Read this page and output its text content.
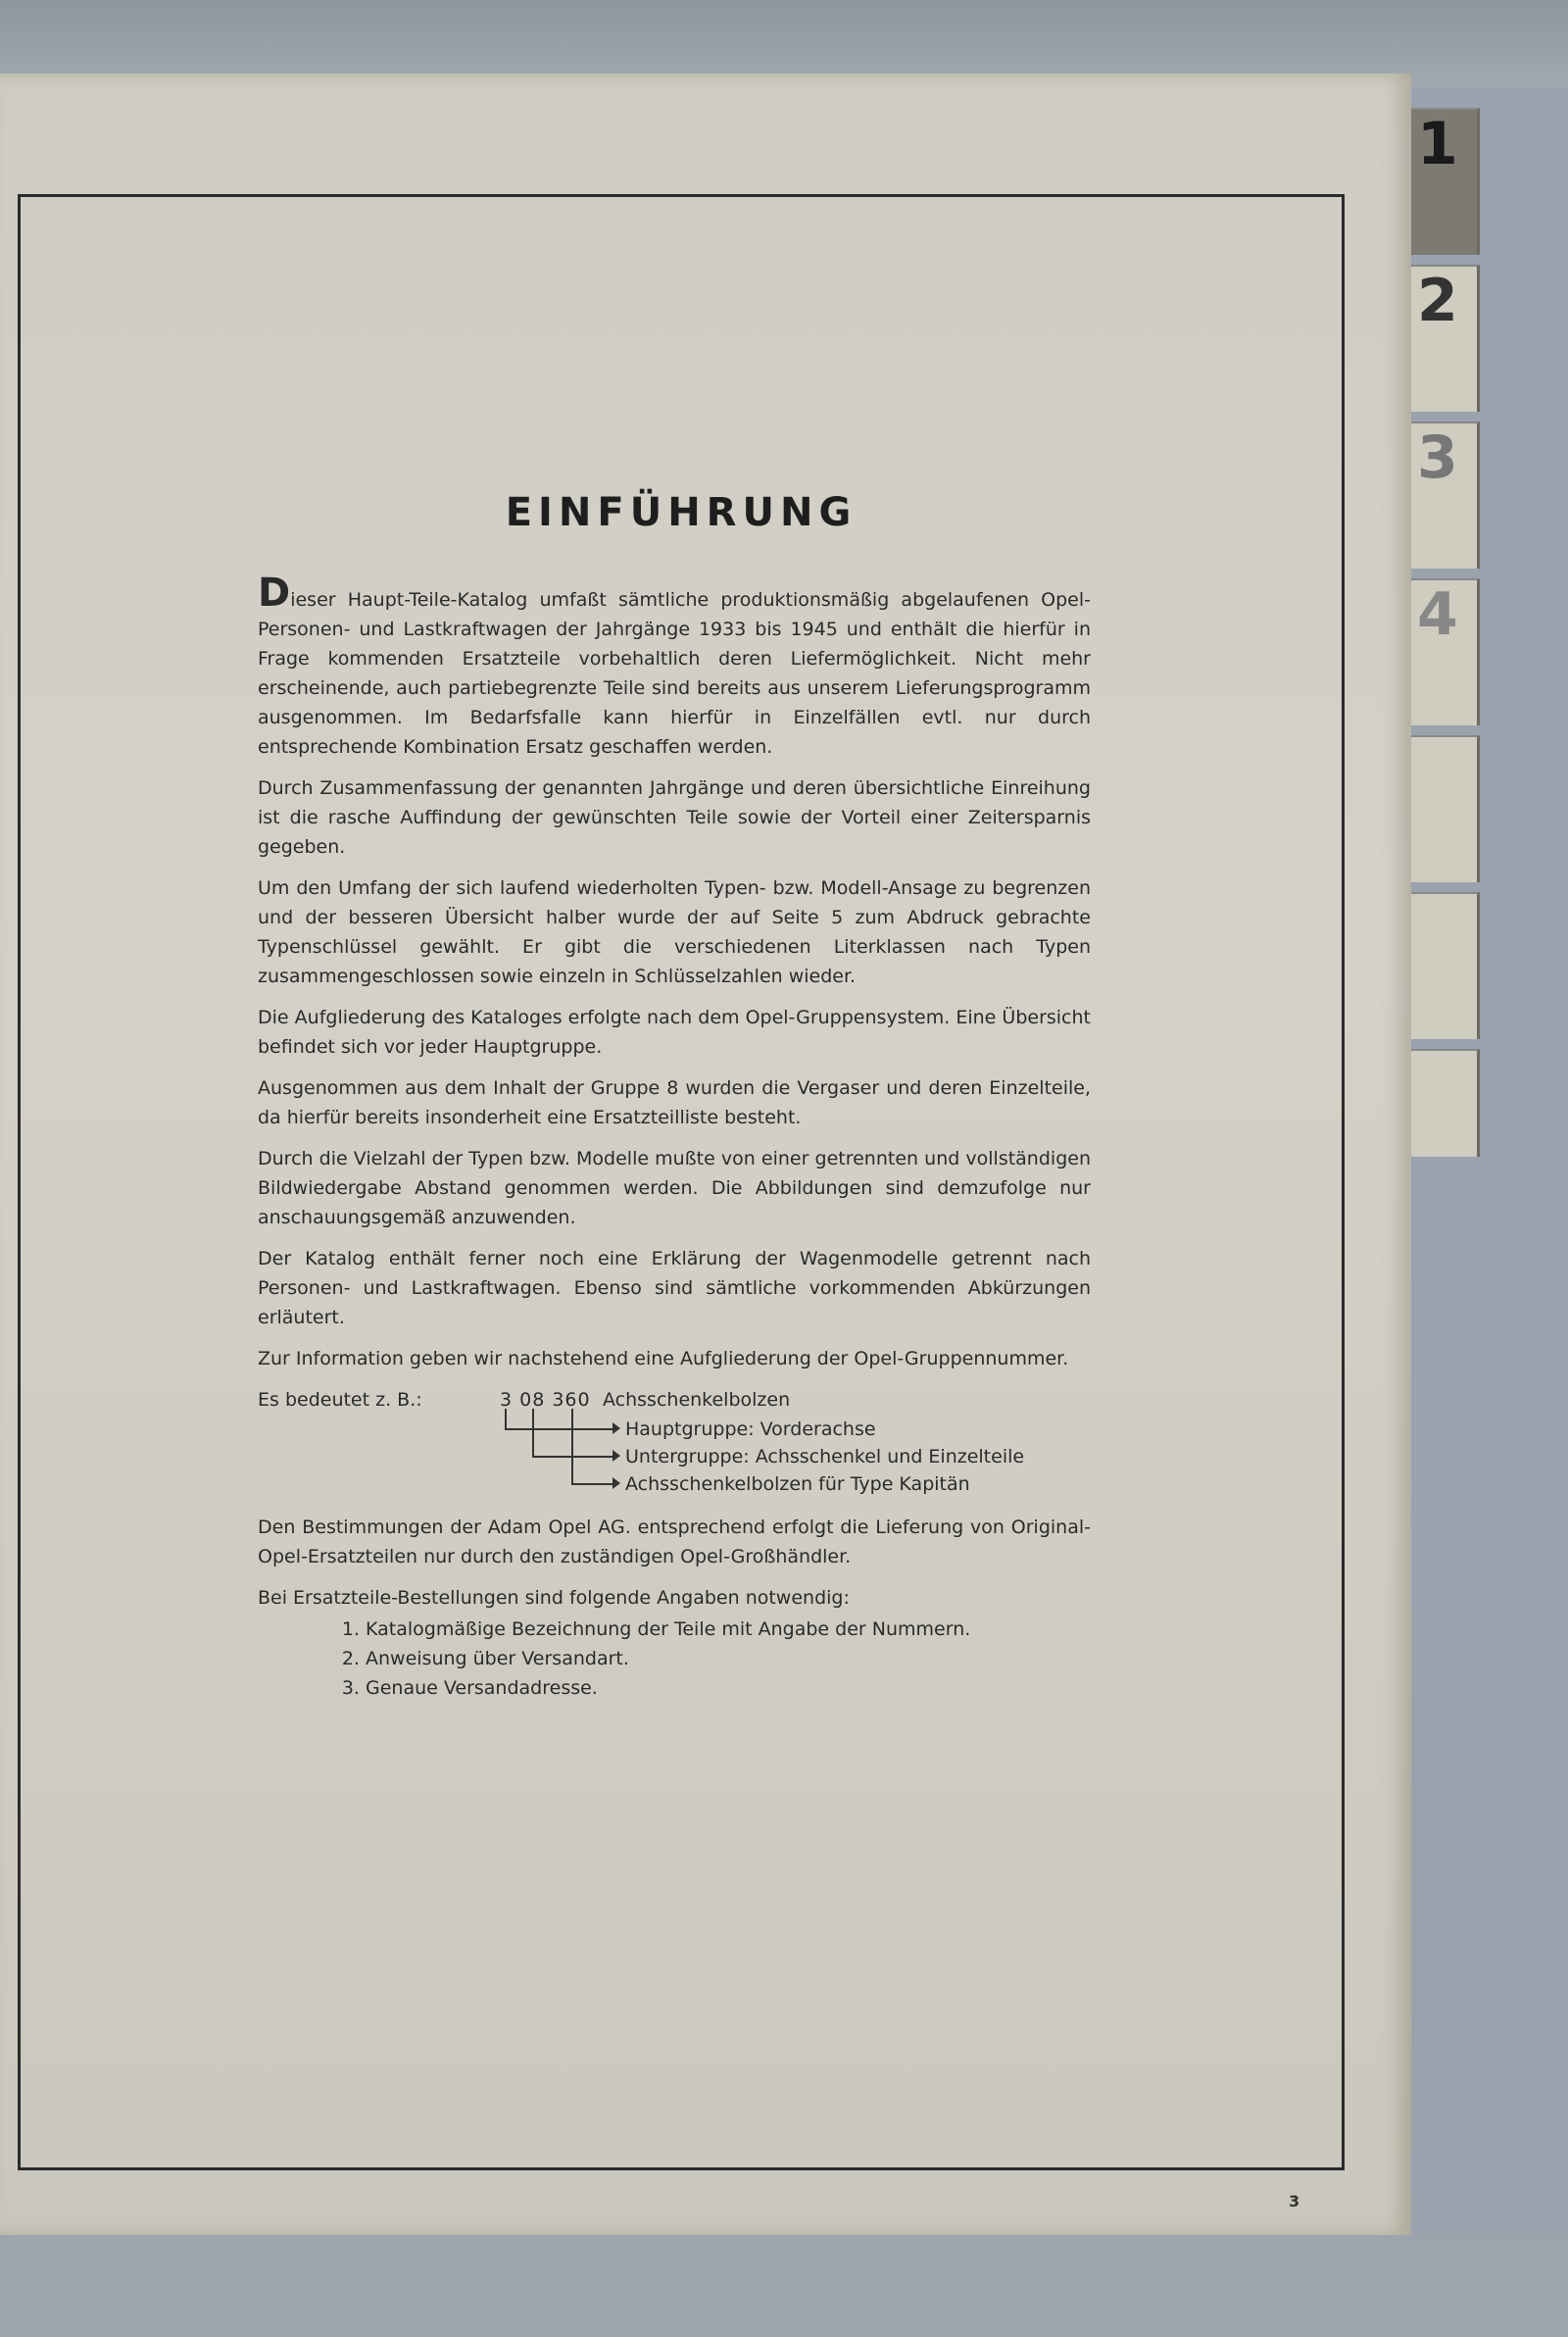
1
2
3
4
EINFÜHRUNG

Dieser Haupt-Teile-Katalog umfaßt sämtliche produktionsmäßig abgelaufenen Opel-Personen- und Lastkraftwagen der Jahrgänge 1933 bis 1945 und enthält die hierfür in Frage kommenden Ersatzteile vorbehaltlich deren Liefermöglichkeit. Nicht mehr erscheinende, auch partiebegrenzte Teile sind bereits aus unserem Lieferungsprogramm ausgenommen. Im Bedarfsfalle kann hierfür in Einzelfällen evtl. nur durch entsprechende Kombination Ersatz geschaffen werden.

Durch Zusammenfassung der genannten Jahrgänge und deren übersichtliche Einreihung ist die rasche Auffindung der gewünschten Teile sowie der Vorteil einer Zeitersparnis gegeben.

Um den Umfang der sich laufend wiederholten Typen- bzw. Modell-Ansage zu begrenzen und der besseren Übersicht halber wurde der auf Seite 5 zum Abdruck gebrachte Typenschlüssel gewählt. Er gibt die verschiedenen Literklassen nach Typen zusammengeschlossen sowie einzeln in Schlüsselzahlen wieder.

Die Aufgliederung des Kataloges erfolgte nach dem Opel-Gruppensystem. Eine Übersicht befindet sich vor jeder Hauptgruppe.

Ausgenommen aus dem Inhalt der Gruppe 8 wurden die Vergaser und deren Einzelteile, da hierfür bereits insonderheit eine Ersatzteilliste besteht.

Durch die Vielzahl der Typen bzw. Modelle mußte von einer getrennten und vollständigen Bildwiedergabe Abstand genommen werden. Die Abbildungen sind demzufolge nur anschauungsgemäß anzuwenden.

Der Katalog enthält ferner noch eine Erklärung der Wagenmodelle getrennt nach Personen- und Lastkraftwagen. Ebenso sind sämtliche vorkommenden Abkürzungen erläutert.

Zur Information geben wir nachstehend eine Aufgliederung der Opel-Gruppennummer.

Es bedeutet z. B.:	3 08 360 Achsschenkelbolzen
Hauptgruppe: Vorderachse
Untergruppe: Achsschenkel und Einzelteile
Achsschenkelbolzen für Type Kapitän

Den Bestimmungen der Adam Opel AG. entsprechend erfolgt die Lieferung von Original-Opel-Ersatzteilen nur durch den zuständigen Opel-Großhändler.

Bei Ersatzteile-Bestellungen sind folgende Angaben notwendig:

1. Katalogmäßige Bezeichnung der Teile mit Angabe der Nummern.
2. Anweisung über Versandart.
3. Genaue Versandadresse.
3
